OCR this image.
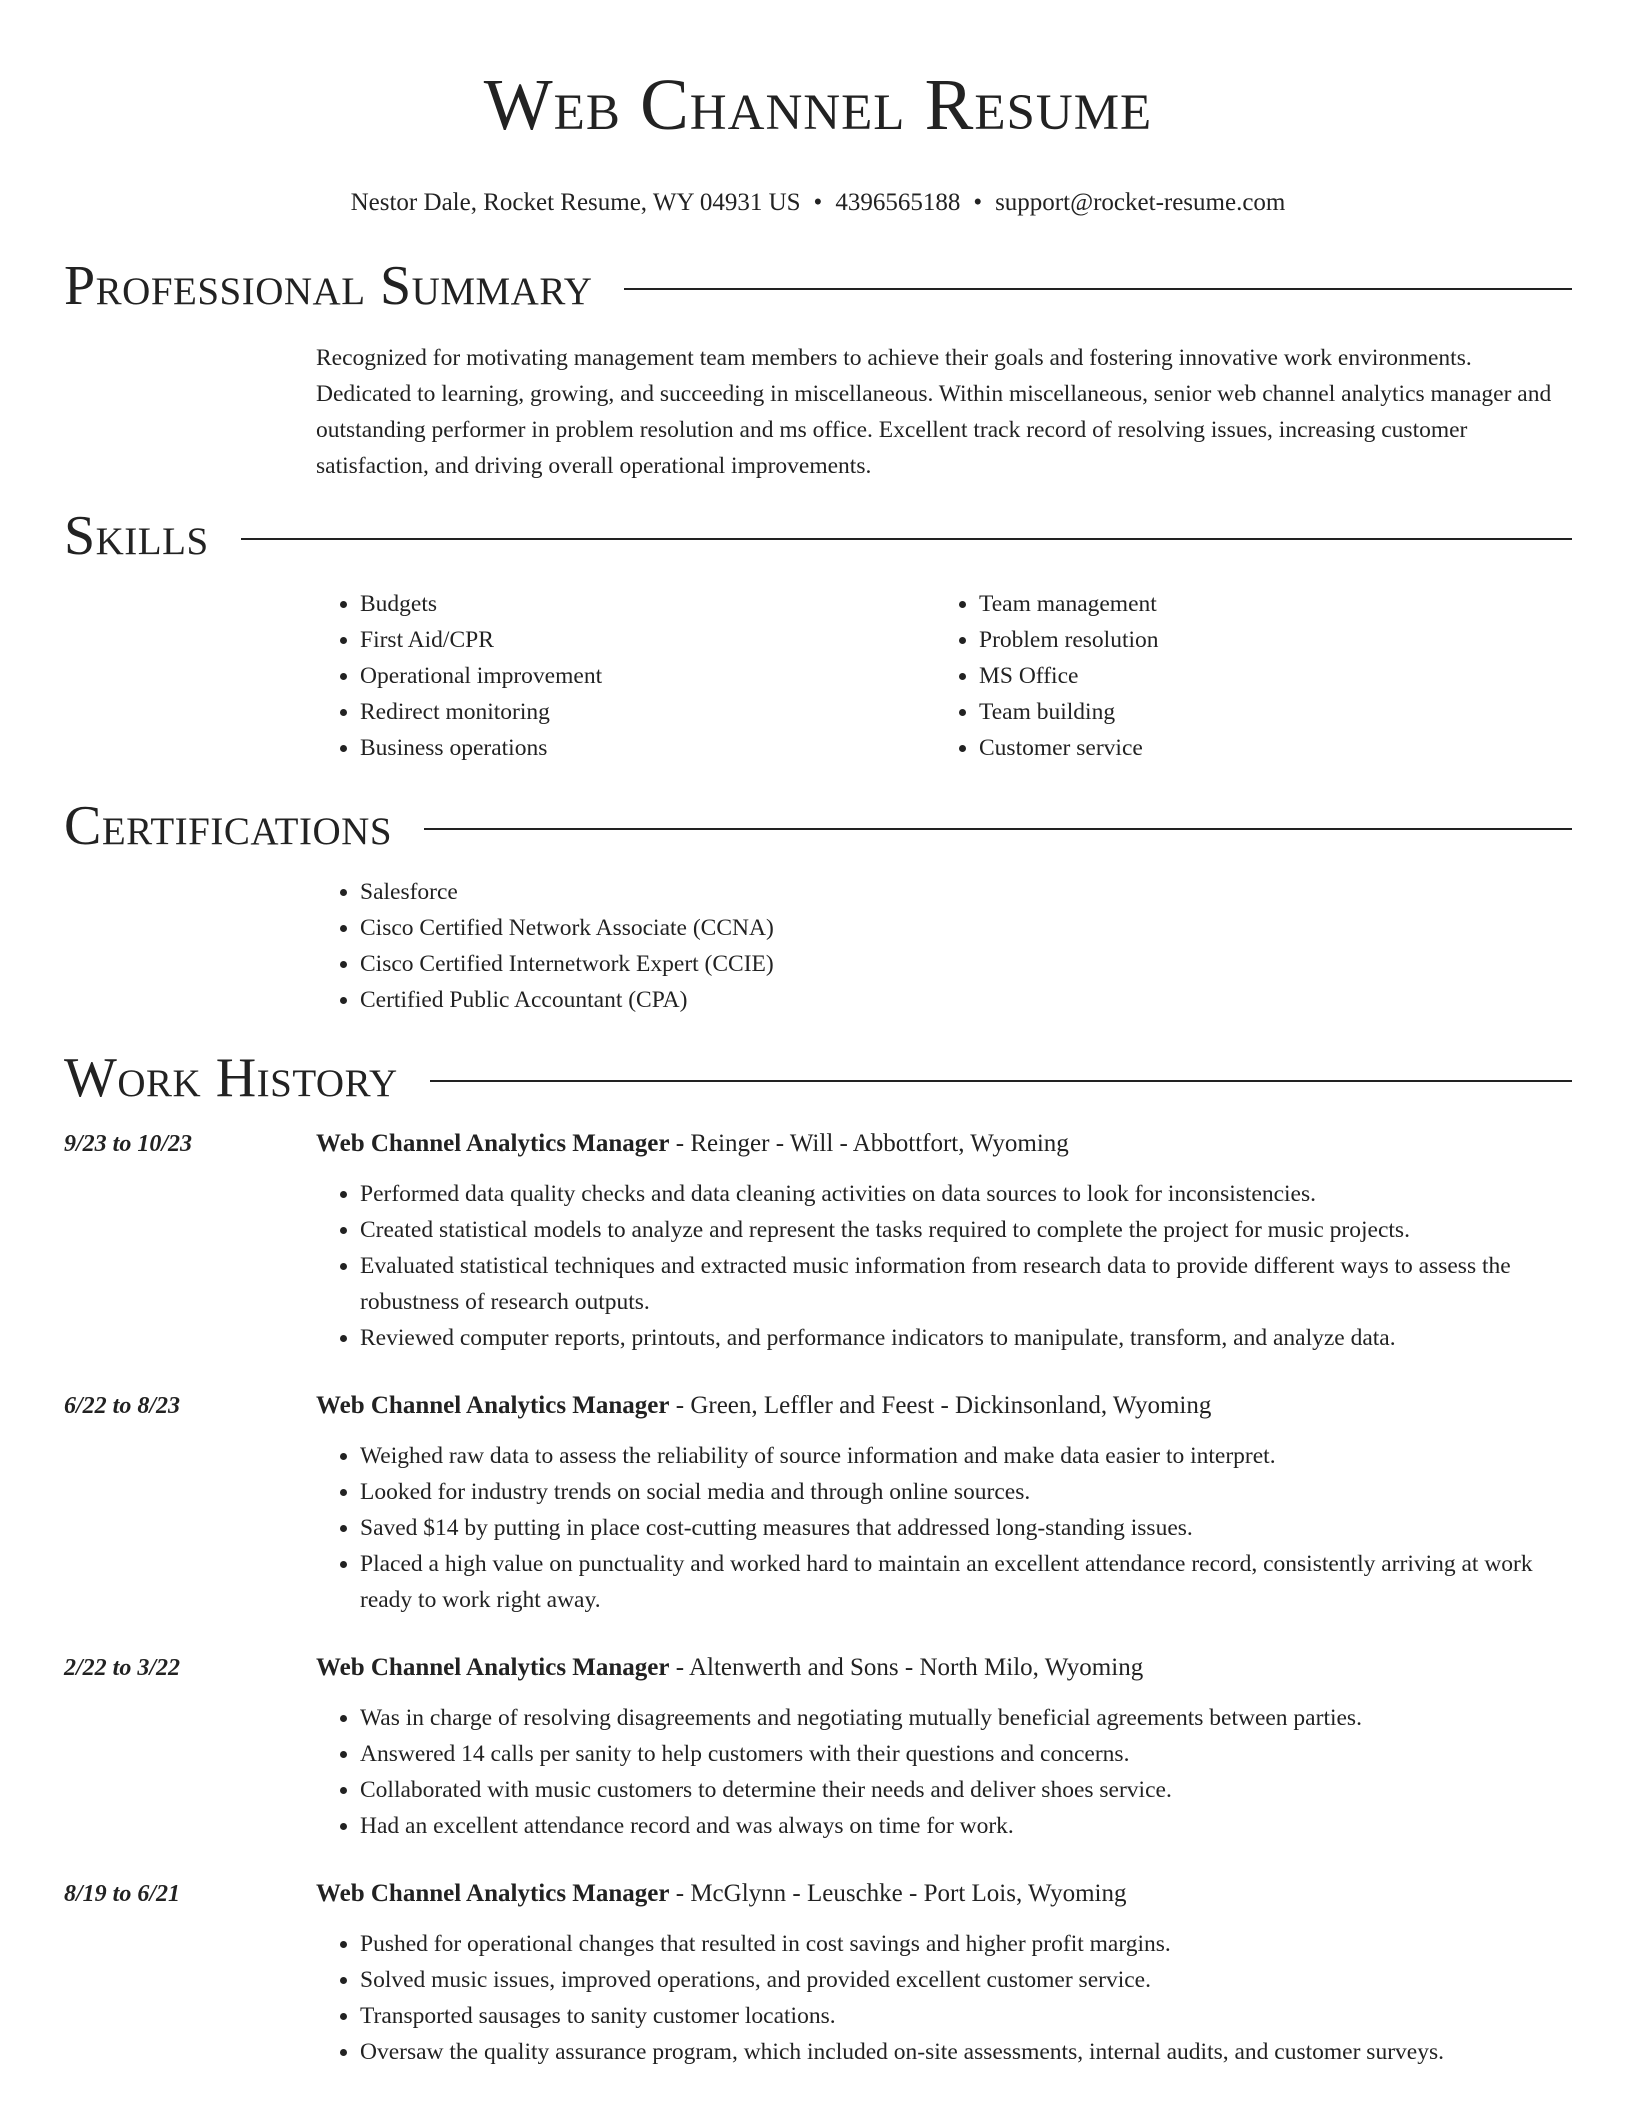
Web Channel Resume
Nestor Dale, Rocket Resume, WY 04931 US • 4396565188 • support@rocket-resume.com
Professional Summary

Recognized for motivating management team members to achieve their goals and fostering innovative work environments. Dedicated to learning, growing, and succeeding in miscellaneous. Within miscellaneous, senior web channel analytics manager and outstanding performer in problem resolution and ms office. Excellent track record of resolving issues, increasing customer satisfaction, and driving overall operational improvements.

Skills
• Budgets
• First Aid/CPR
• Operational improvement
• Redirect monitoring
• Business operations
• Team management
• Problem resolution
• MS Office
• Team building
• Customer service
Certifications
• Salesforce
• Cisco Certified Network Associate (CCNA)
• Cisco Certified Internetwork Expert (CCIE)
• Certified Public Accountant (CPA)
Work History
9/23 to 10/23	Web Channel Analytics Manager - Reinger - Will - Abbottfort, Wyoming
• Performed data quality checks and data cleaning activities on data sources to look for inconsistencies.
• Created statistical models to analyze and represent the tasks required to complete the project for music projects.
• Evaluated statistical techniques and extracted music information from research data to provide different ways to assess the robustness of research outputs.
• Reviewed computer reports, printouts, and performance indicators to manipulate, transform, and analyze data.
6/22 to 8/23	Web Channel Analytics Manager - Green, Leffler and Feest - Dickinsonland, Wyoming
• Weighed raw data to assess the reliability of source information and make data easier to interpret.
• Looked for industry trends on social media and through online sources.
• Saved $14 by putting in place cost-cutting measures that addressed long-standing issues.
• Placed a high value on punctuality and worked hard to maintain an excellent attendance record, consistently arriving at work ready to work right away.
2/22 to 3/22	Web Channel Analytics Manager - Altenwerth and Sons - North Milo, Wyoming
• Was in charge of resolving disagreements and negotiating mutually beneficial agreements between parties.
• Answered 14 calls per sanity to help customers with their questions and concerns.
• Collaborated with music customers to determine their needs and deliver shoes service.
• Had an excellent attendance record and was always on time for work.
8/19 to 6/21	Web Channel Analytics Manager - McGlynn - Leuschke - Port Lois, Wyoming
• Pushed for operational changes that resulted in cost savings and higher profit margins.
• Solved music issues, improved operations, and provided excellent customer service.
• Transported sausages to sanity customer locations.
• Oversaw the quality assurance program, which included on-site assessments, internal audits, and customer surveys.
